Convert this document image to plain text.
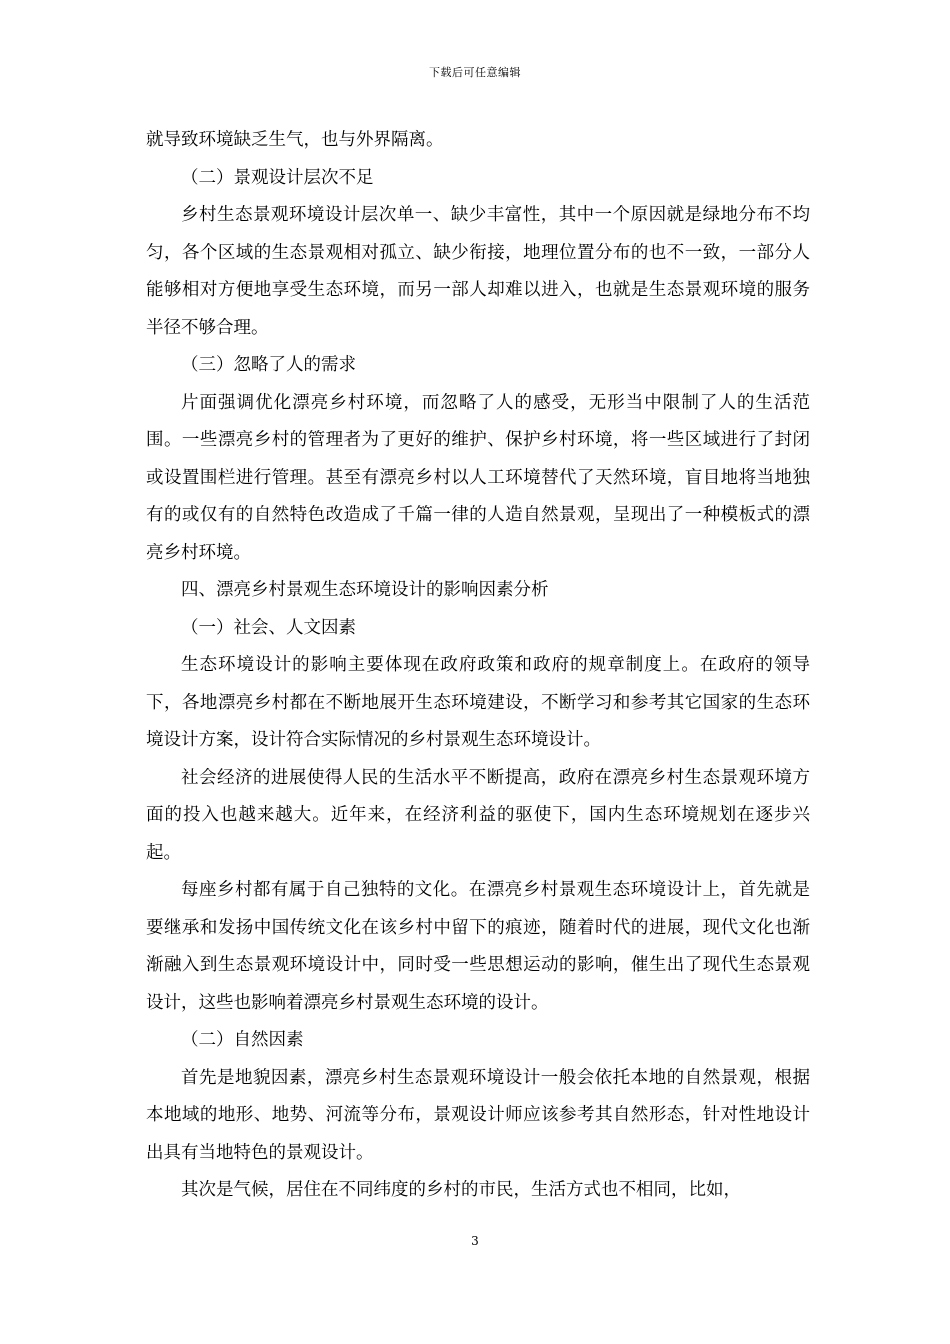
下载后可任意编辑

就导致环境缺乏生气，也与外界隔离。

（二）景观设计层次不足

乡村生态景观环境设计层次单一、缺少丰富性，其中一个原因就是绿地分布不均匀，各个区域的生态景观相对孤立、缺少衔接，地理位置分布的也不一致，一部分人能够相对方便地享受生态环境，而另一部人却难以进入，也就是生态景观环境的服务半径不够合理。

（三）忽略了人的需求

片面强调优化漂亮乡村环境，而忽略了人的感受，无形当中限制了人的生活范围。一些漂亮乡村的管理者为了更好的维护、保护乡村环境，将一些区域进行了封闭或设置围栏进行管理。甚至有漂亮乡村以人工环境替代了天然环境，盲目地将当地独有的或仅有的自然特色改造成了千篇一律的人造自然景观，呈现出了一种模板式的漂亮乡村环境。

四、漂亮乡村景观生态环境设计的影响因素分析

（一）社会、人文因素

生态环境设计的影响主要体现在政府政策和政府的规章制度上。在政府的领导下，各地漂亮乡村都在不断地展开生态环境建设，不断学习和参考其它国家的生态环境设计方案，设计符合实际情况的乡村景观生态环境设计。

社会经济的进展使得人民的生活水平不断提高，政府在漂亮乡村生态景观环境方面的投入也越来越大。近年来，在经济利益的驱使下，国内生态环境规划在逐步兴起。

每座乡村都有属于自己独特的文化。在漂亮乡村景观生态环境设计上，首先就是要继承和发扬中国传统文化在该乡村中留下的痕迹，随着时代的进展，现代文化也渐渐融入到生态景观环境设计中，同时受一些思想运动的影响，催生出了现代生态景观设计，这些也影响着漂亮乡村景观生态环境的设计。

（二）自然因素

首先是地貌因素，漂亮乡村生态景观环境设计一般会依托本地的自然景观，根据本地域的地形、地势、河流等分布，景观设计师应该参考其自然形态，针对性地设计出具有当地特色的景观设计。

其次是气候，居住在不同纬度的乡村的市民，生活方式也不相同，比如，

3
